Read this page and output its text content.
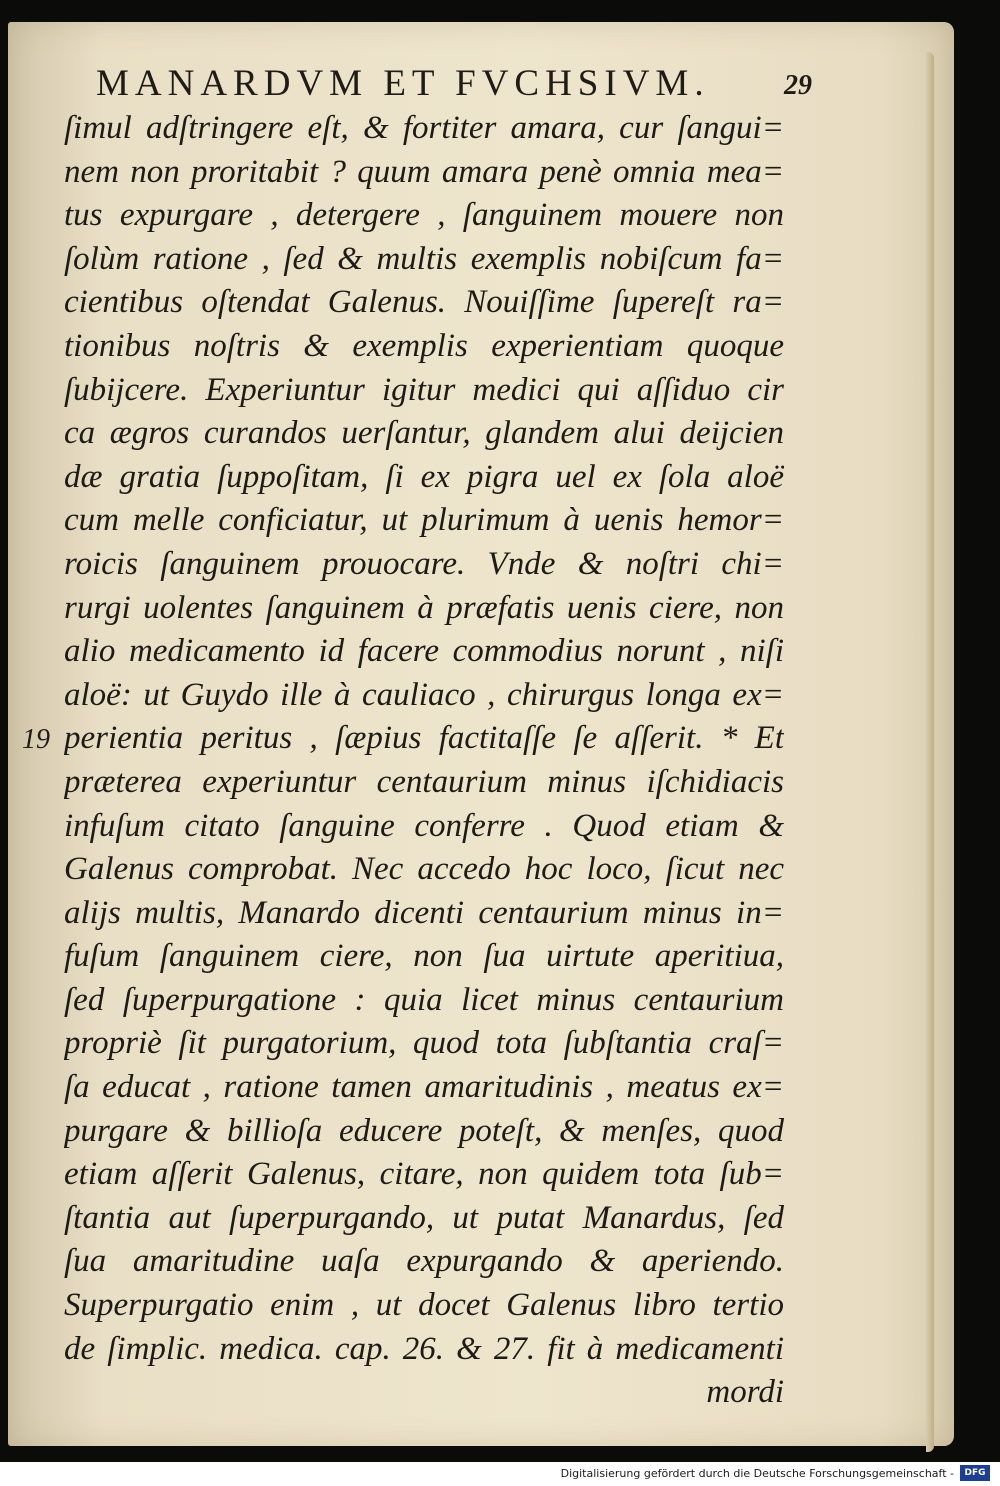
MANARDVM ET FVCHSIVM.	29
19
ſimul adſtringere eſt, & fortiter amara, cur ſangui=
nem non proritabit ? quum amara penè omnia mea=
tus expurgare , detergere , ſanguinem mouere non
ſolùm ratione , ſed & multis exemplis nobiſcum fa=
cientibus oſtendat Galenus. Nouiſſime ſupereſt ra=
tionibus noſtris & exemplis experientiam quoque
ſubijcere. Experiuntur igitur medici qui aſſiduo cir
ca ægros curandos uerſantur, glandem alui deijcien
dæ gratia ſuppoſitam, ſi ex pigra uel ex ſola aloë
cum melle conficiatur, ut plurimum à uenis hemor=
roicis ſanguinem prouocare. Vnde & noſtri chi=
rurgi uolentes ſanguinem à præfatis uenis ciere, non
alio medicamento id facere commodius norunt , niſi
aloë: ut Guydo ille à cauliaco , chirurgus longa ex=
perientia peritus , ſæpius factitaſſe ſe aſſerit. * Et
præterea experiuntur centaurium minus iſchidiacis
infuſum citato ſanguine conferre . Quod etiam &
Galenus comprobat. Nec accedo hoc loco, ſicut nec
alijs multis, Manardo dicenti centaurium minus in=
fuſum ſanguinem ciere, non ſua uirtute aperitiua,
ſed ſuperpurgatione : quia licet minus centaurium
propriè ſit purgatorium, quod tota ſubſtantia craſ=
ſa educat , ratione tamen amaritudinis , meatus ex=
purgare & billioſa educere poteſt, & menſes, quod
etiam aſſerit Galenus, citare, non quidem tota ſub=
ſtantia aut ſuperpurgando, ut putat Manardus, ſed
ſua amaritudine uaſa expurgando & aperiendo.
Superpurgatio enim , ut docet Galenus libro tertio
de ſimplic. medica. cap. 26. & 27. fit à medicamenti
mordi
Digitalisierung gefördert durch die Deutsche Forschungsgemeinschaft -	DFG
